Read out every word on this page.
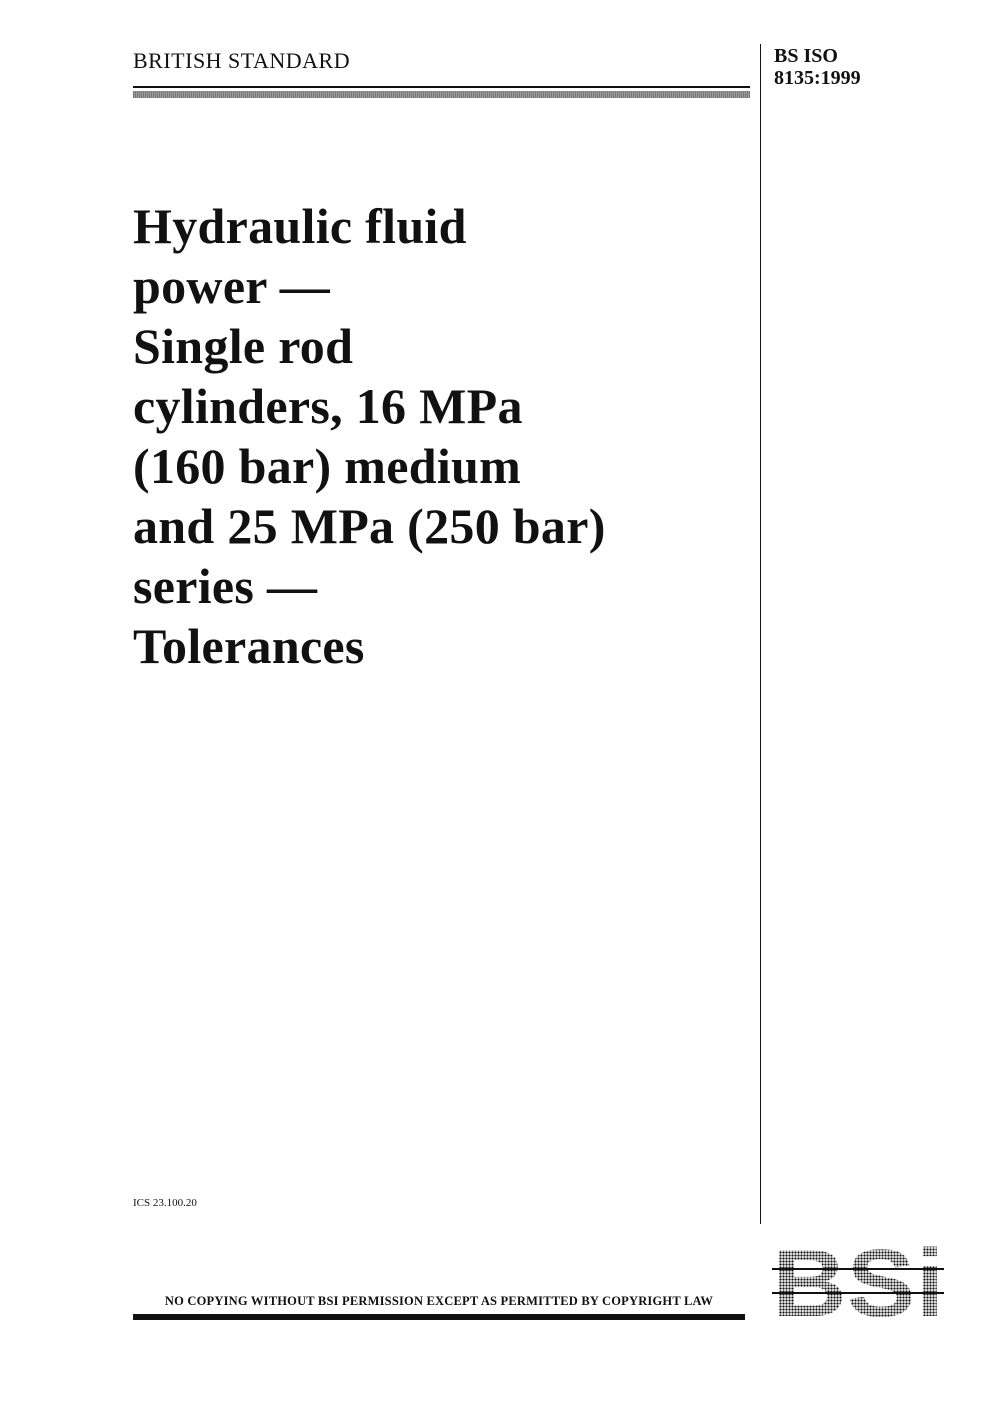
BRITISH STANDARD	BS ISO
8135:1999
Hydraulic fluid
power —
Single rod
cylinders, 16 MPa
(160 bar) medium
and 25 MPa (250 bar)
series —
Tolerances
ICS 23.100.20
NO COPYING WITHOUT BSI PERMISSION EXCEPT AS PERMITTED BY COPYRIGHT LAW
